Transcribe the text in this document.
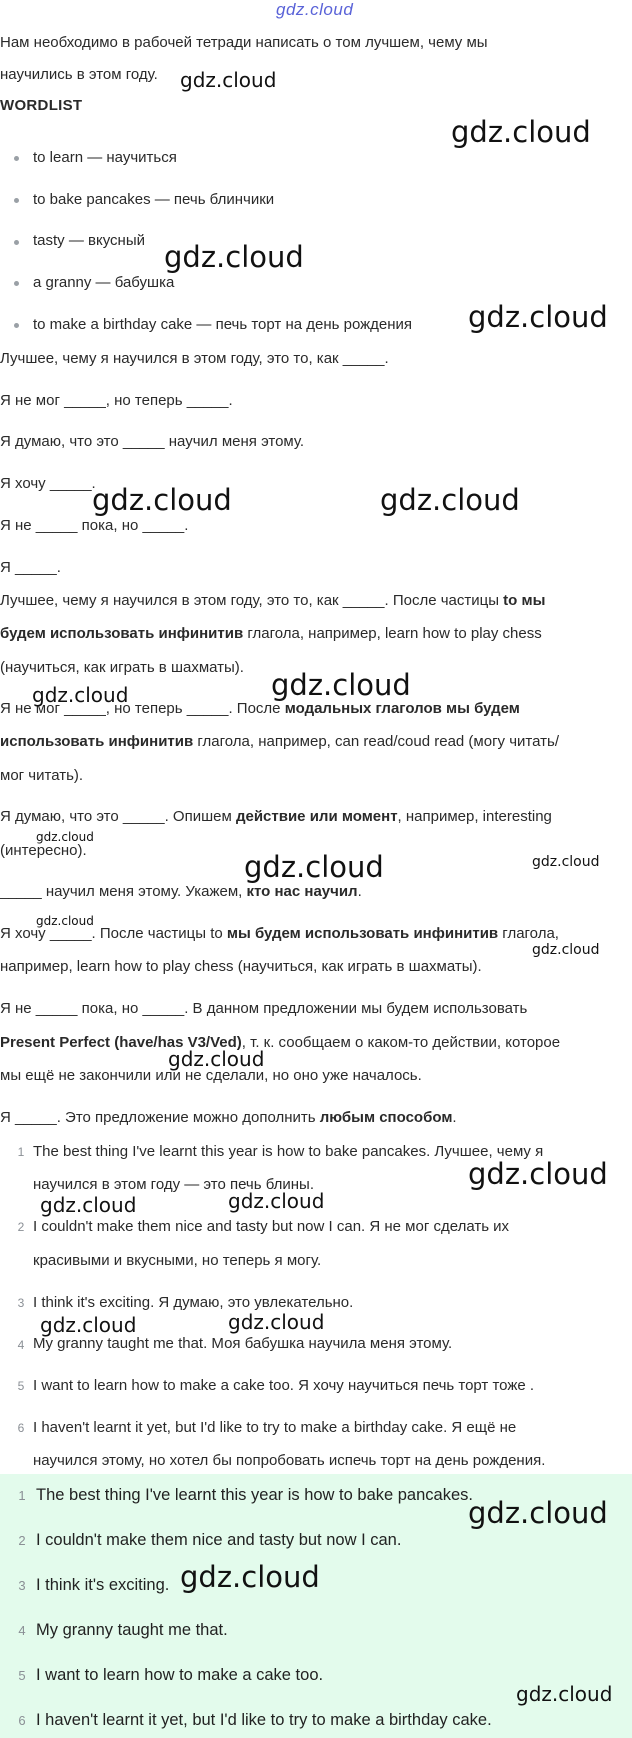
gdz.cloud
Нам необходимо в рабочей тетради написать о том лучшем, чему мы
научились в этом году.
WORDLIST
to learn — научиться
to bake pancakes — печь блинчики
tasty — вкусный
a granny — бабушка
to make a birthday cake — печь торт на день рождения
Лучшее, чему я научился в этом году, это то, как _____.
Я не мог _____, но теперь _____.
Я думаю, что это _____ научил меня этому.
Я хочу _____.
Я не _____ пока, но _____.
Я _____.
Лучшее, чему я научился в этом году, это то, как _____. После частицы to мы
будем использовать инфинитив глагола, например, learn how to play chess
(научиться, как играть в шахматы).
Я не мог _____, но теперь _____. После модальных глаголов мы будем
использовать инфинитив глагола, например, can read/coud read (могу читать/
мог читать).
Я думаю, что это _____. Опишем действие или момент, например, interesting
(интересно).
_____ научил меня этому. Укажем, кто нас научил.
Я хочу _____. После частицы to мы будем использовать инфинитив глагола,
например, learn how to play chess (научиться, как играть в шахматы).
Я не _____ пока, но _____. В данном предложении мы будем использовать
Present Perfect (have/has V3/Ved), т. к. сообщаем о каком-то действии, которое
мы ещё не закончили или не сделали, но оно уже началось.
Я _____. Это предложение можно дополнить любым способом.
1 The best thing I've learnt this year is how to bake pancakes. Лучшее, чему я
научился в этом году — это печь блины.
2 I couldn't make them nice and tasty but now I can. Я не мог сделать их
красивыми и вкусными, но теперь я могу.
3 I think it's exciting. Я думаю, это увлекательно.
4 My granny taught me that. Моя бабушка научила меня этому.
5 I want to learn how to make a cake too. Я хочу научиться печь торт тоже .
6 I haven't learnt it yet, but I'd like to try to make a birthday cake. Я ещё не
научился этому, но хотел бы попробовать испечь торт на день рождения.
1 The best thing I've learnt this year is how to bake pancakes.
2 I couldn't make them nice and tasty but now I can.
3 I think it's exciting.
4 My granny taught me that.
5 I want to learn how to make a cake too.
6 I haven't learnt it yet, but I'd like to try to make a birthday cake.
gdz.cloud
gdz.cloud
gdz.cloud
gdz.cloud
gdz.cloud	gdz.cloud
gdz.cloud
gdz.cloud
gdz.cloud
gdz.cloud	gdz.cloud
gdz.cloud
gdz.cloud
gdz.cloud
gdz.cloud
gdz.cloud	gdz.cloud
gdz.cloud	gdz.cloud
gdz.cloud
gdz.cloud
gdz.cloud
